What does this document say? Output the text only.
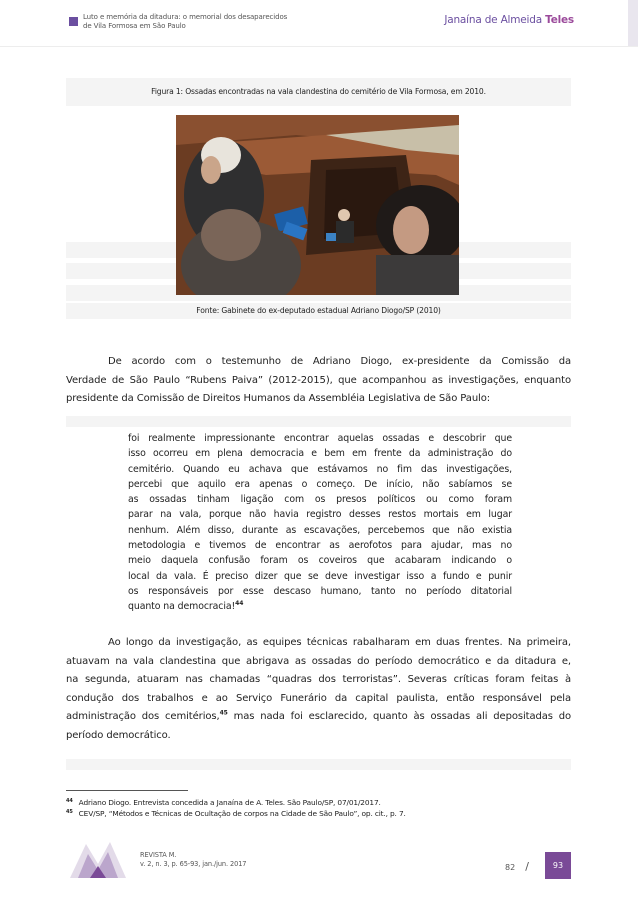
Luto e memória da ditadura: o memorial dos desaparecidos
de Vila Formosa em São Paulo	Janaína de Almeida Teles
Figura 1: Ossadas encontradas na vala clandestina do cemitério de Vila Formosa, em 2010.
Fonte: Gabinete do ex-deputado estadual Adriano Diogo/SP (2010)
De acordo com o testemunho de Adriano Diogo, ex-presidente da Comissão da
Verdade de São Paulo “Rubens Paiva” (2012-2015), que acompanhou as investigações, enquanto
presidente da Comissão de Direitos Humanos da Assembléia Legislativa de São Paulo:
foi realmente impressionante encontrar aquelas ossadas e descobrir que
isso ocorreu em plena democracia e bem em frente da administração do
cemitério. Quando eu achava que estávamos no fim das investigações,
percebi que aquilo era apenas o começo. De início, não sabíamos se
as ossadas tinham ligação com os presos políticos ou como foram
parar na vala, porque não havia registro desses restos mortais em lugar
nenhum. Além disso, durante as escavações, percebemos que não existia
metodologia e tivemos de encontrar as aerofotos para ajudar, mas no
meio daquela confusão foram os coveiros que acabaram indicando o
local da vala. É preciso dizer que se deve investigar isso a fundo e punir
os responsáveis por esse descaso humano, tanto no período ditatorial
quanto na democracia!$^{44}$
Ao longo da investigação, as equipes técnicas rabalharam em duas frentes. Na primeira,
atuavam na vala clandestina que abrigava as ossadas do período democrático e da ditadura e,
na segunda, atuaram nas chamadas “quadras dos terroristas”. Severas críticas foram feitas à
condução dos trabalhos e ao Serviço Funerário da capital paulista, então responsável pela
administração dos cemitérios,$^{45}$ mas nada foi esclarecido, quanto às ossadas ali depositadas do
período democrático.
$^{44}$ Adriano Diogo. Entrevista concedida a Janaína de A. Teles. São Paulo/SP, 07/01/2017.
$^{45}$ CEV/SP, “Métodos e Técnicas de Ocultação de corpos na Cidade de São Paulo”, op. cit., p. 7.
REVISTA M.
v. 2, n. 3, p. 65-93, jan./jun. 2017	82 /	93
